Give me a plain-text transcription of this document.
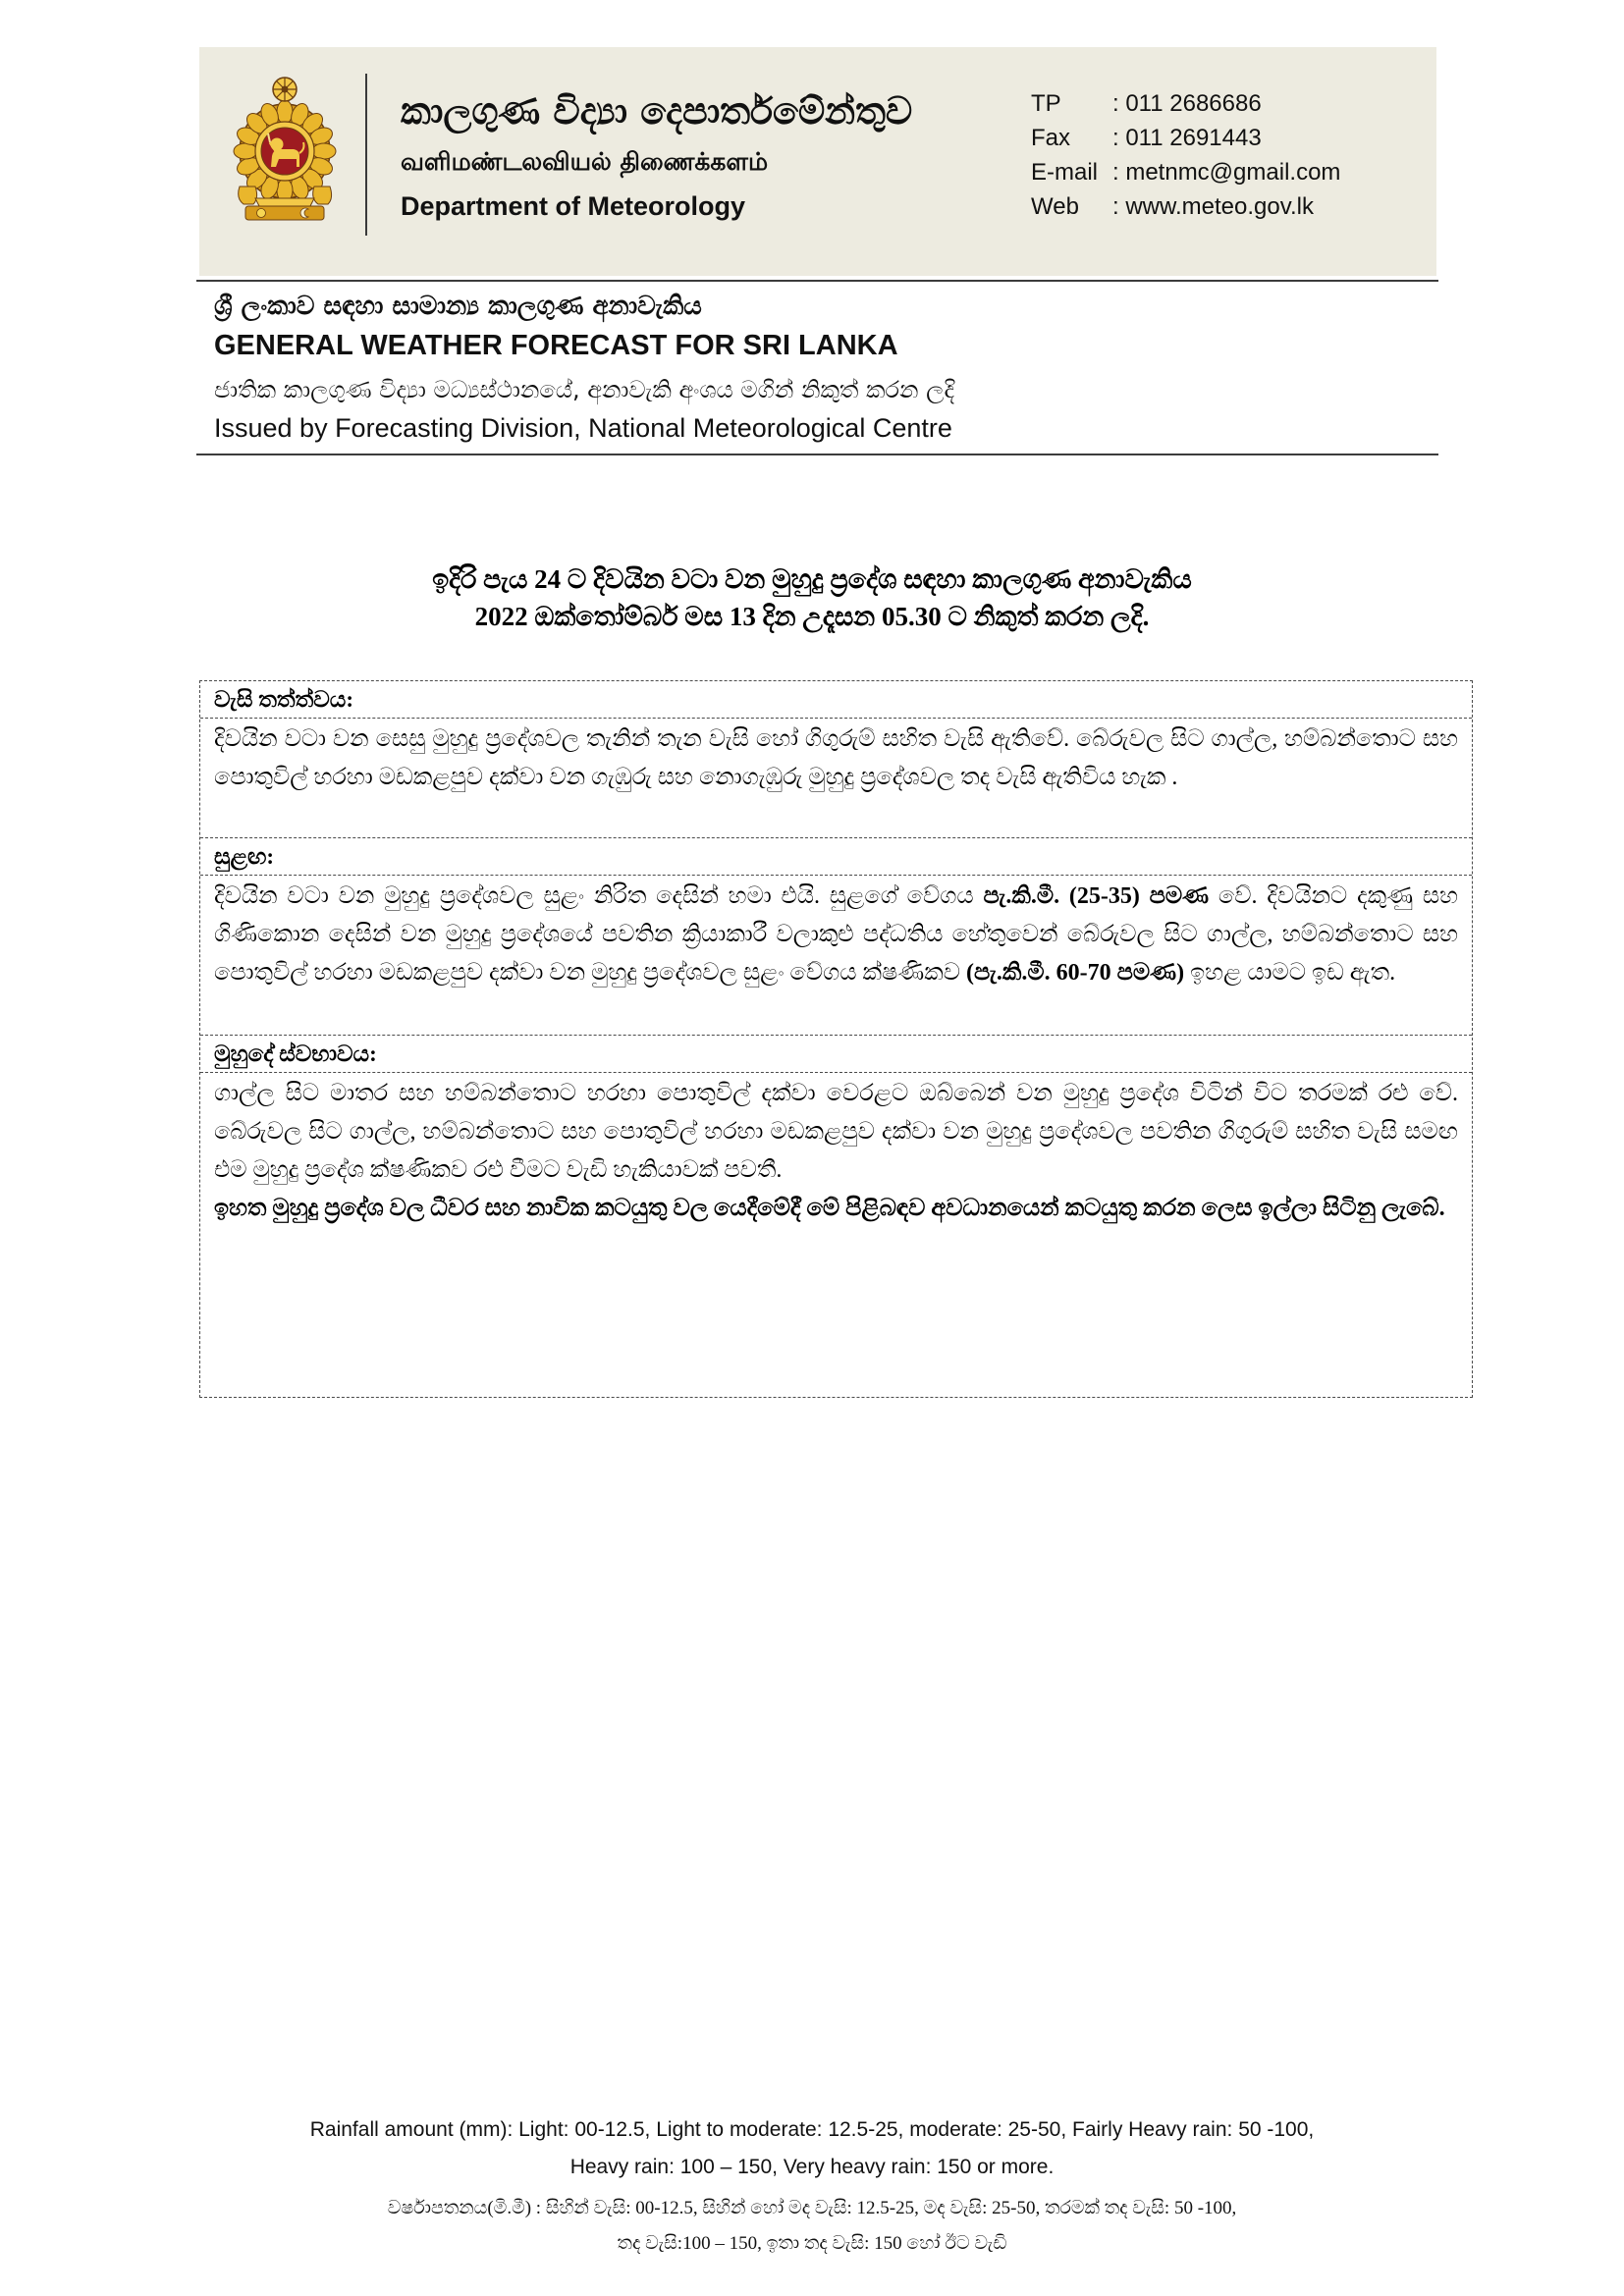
කාලගුණ විද්‍යා දෙපාර්තමේන්තුව
வளிமண்டலவியல் திணைக்களம்
Department of Meteorology
TP	: 011 2686686
Fax	: 011 2691443
E-mail : metnmc@gmail.com
Web	: www.meteo.gov.lk
ශ්‍රී ලංකාව සඳහා සාමාන්‍ය කාලගුණ අනාවැකිය
GENERAL WEATHER FORECAST FOR SRI LANKA
ජාතික කාලගුණ විද්‍යා මධ්‍යස්ථානයේ, අනාවැකි අංශය මගින් නිකුත් කරන ලදි
Issued by Forecasting Division, National Meteorological Centre
ඉදිරි පැය 24 ට දිවයින වටා වන මුහුදු ප්‍රදේශ සඳහා කාලගුණ අනාවැකිය
2022 ඔක්තෝම්බර් මස 13 දින උදෑසන 05.30 ට නිකුත් කරන ලදි.
වැසි තත්ත්වය:
දිවයින වටා වන සෙසු මුහුදු ප්‍රදේශවල තැනින් තැන වැසි හෝ ගිගුරුම් සහිත වැසි ඇතිවේ. බේරුවල සිට ගාල්ල, හම්බන්තොට සහ පොතුවිල් හරහා මඩකළපුව දක්වා වන ගැඹුරු සහ නොගැඹුරු මුහුදු ප්‍රදේශවල තද වැසි ඇතිවිය හැක .
සුළඟ:
දිවයින වටා වන මුහුදු ප්‍රදේශවල සුළං නිරිත දෙසින් හමා එයි. සුළගේ වේගය පැ.කි.මී. (25-35) පමණ වේ. දිවයිනට දකුණු සහ ගිණිකොන දෙසින් වන මුහුදු ප්‍රදේශයේ පවතින ක්‍රියාකාරී වලාකුළු පද්ධතිය හේතුවෙන් බේරුවල සිට ගාල්ල, හම්බන්තොට සහ පොතුවිල් හරහා මඩකළපුව දක්වා වන මුහුදු ප්‍රදේශවල සුළං වේගය ක්ෂණිකව (පැ.කි.මී. 60-70 පමණ) ඉහළ යාමට ඉඩ ඇත.
මුහුදේ ස්වභාවය:
ගාල්ල සිට මාතර සහ හම්බන්තොට හරහා පොතුවිල් දක්වා වෙරළට ඔබ්බෙන් වන මුහුදු ප්‍රදේශ විටින් විට තරමක් රළු වේ. බේරුවල සිට ගාල්ල, හම්බන්තොට සහ පොතුවිල් හරහා මඩකළපුව දක්වා වන මුහුදු ප්‍රදේශවල පවතින ගිගුරුම් සහිත වැසි සමඟ එම මුහුදු ප්‍රදේශ ක්ෂණිකව රළු වීමට වැඩි හැකියාවක් පවතී.
ඉහත මුහුදු ප්‍රදේශ වල ධීවර සහ නාවික කටයුතු වල යෙදීමේදී මේ පිළිබඳව අවධානයෙන් කටයුතු කරන ලෙස ඉල්ලා සිටිනු ලැබේ.
Rainfall amount (mm): Light: 00-12.5, Light to moderate: 12.5-25, moderate: 25-50, Fairly Heavy rain: 50 -100,
Heavy rain: 100 – 150, Very heavy rain: 150 or more.
වර්ෂාපතනය(මි.මී) : සිහින් වැසි: 00-12.5, සිහින් හෝ මද වැසි: 12.5-25, මද වැසි: 25-50, තරමක් තද වැසි: 50 -100,
තද වැසි:100 – 150, ඉතා තද වැසි: 150 හෝ ඊට වැඩි
